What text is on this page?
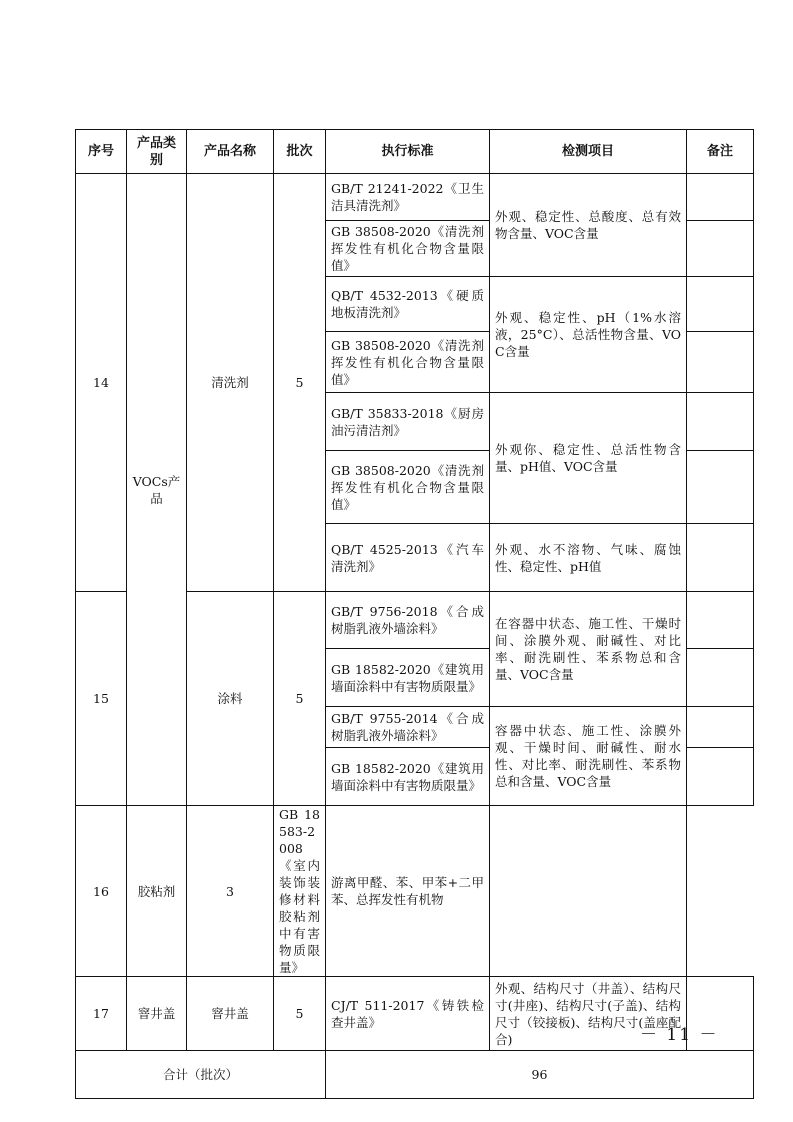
序号	产品类别	产品名称	批次	执行标准	检测项目	备注
14	VOCs产品	清洗剂	5	GB/T 21241-2022《卫生洁具清洗剂》	外观、稳定性、总酸度、总有效物含量、VOC含量	
				GB 38508-2020《清洗剂挥发性有机化合物含量限值》		
				QB/T 4532-2013《硬质地板清洗剂》	外观、稳定性、pH（1%水溶液，25°C）、总活性物含量、VOC含量	
				GB 38508-2020《清洗剂挥发性有机化合物含量限值》		
				GB/T 35833-2018《厨房油污清洁剂》	外观你、稳定性、总活性物含量、pH值、VOC含量	
				GB 38508-2020《清洗剂挥发性有机化合物含量限值》		
				QB/T 4525-2013《汽车清洗剂》	外观、水不溶物、气味、腐蚀性、稳定性、pH值	
15		涂料	5	GB/T 9756-2018《合成树脂乳液外墙涂料》	在容器中状态、施工性、干燥时间、涂膜外观、耐碱性、对比率、耐洗刷性、苯系物总和含量、VOC含量	
				GB 18582-2020《建筑用墙面涂料中有害物质限量》		
				GB/T 9755-2014《合成树脂乳液外墙涂料》	容器中状态、施工性、涂膜外观、干燥时间、耐碱性、耐水性、对比率、耐洗刷性、苯系物总和含量、VOC含量	
				GB 18582-2020《建筑用墙面涂料中有害物质限量》		
16	胶粘剂	3	GB 18583-2008《室内装饰装修材料胶粘剂中有害物质限量》	游离甲醛、苯、甲苯+二甲苯、总挥发性有机物		
17	窨井盖	窨井盖	5	CJ/T 511-2017《铸铁检查井盖》	外观、结构尺寸（井盖）、结构尺寸(井座)、结构尺寸(子盖)、结构尺寸（铰接板)、结构尺寸(盖座配合)	
合计（批次）				96		
－ 11 －
